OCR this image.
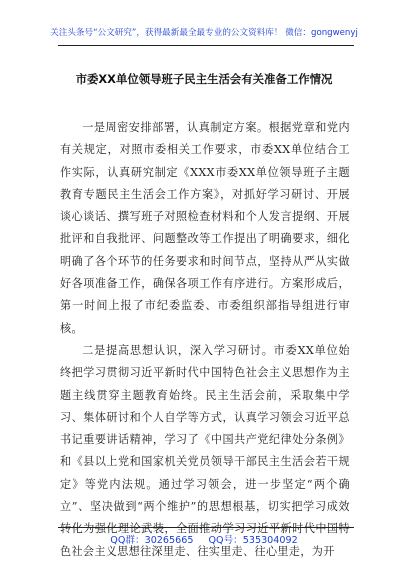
关注头条号“公文研究”，获得最新最全最专业的公文资料库！ 微信：gongwenyj
市委XX单位领导班子民主生活会有关准备工作情况

一是周密安排部署，认真制定方案。根据党章和党内有关规定，对照市委相关工作要求，市委XX单位结合工作实际，认真研究制定《XXX市委XX单位领导班子主题教育专题民主生活会工作方案》，对抓好学习研讨、开展谈心谈话、撰写班子对照检查材料和个人发言提纲、开展批评和自我批评、问题整改等工作提出了明确要求，细化明确了各个环节的任务要求和时间节点，坚持从严从实做好各项准备工作，确保各项工作有序进行。方案形成后，第一时间上报了市纪委监委、市委组织部指导组进行审核。

二是提高思想认识，深入学习研讨。市委XX单位始终把学习贯彻习近平新时代中国特色社会主义思想作为主题主线贯穿主题教育始终。民主生活会前，采取集中学习、集体研讨和个人自学等方式，认真学习领会习近平总书记重要讲话精神，学习了《中国共产党纪律处分条例》和《县以上党和国家机关党员领导干部民主生活会若干规定》等党内法规。通过学习领会，进一步坚定“两个确立”、坚决做到“两个维护”的思想根基，切实把学习成效转化为强化理论武装，全面推动学习习近平新时代中国特色社会主义思想往深里走、往实里走、往心里走，为开

QQ群：30265665 QQ号：535304092
